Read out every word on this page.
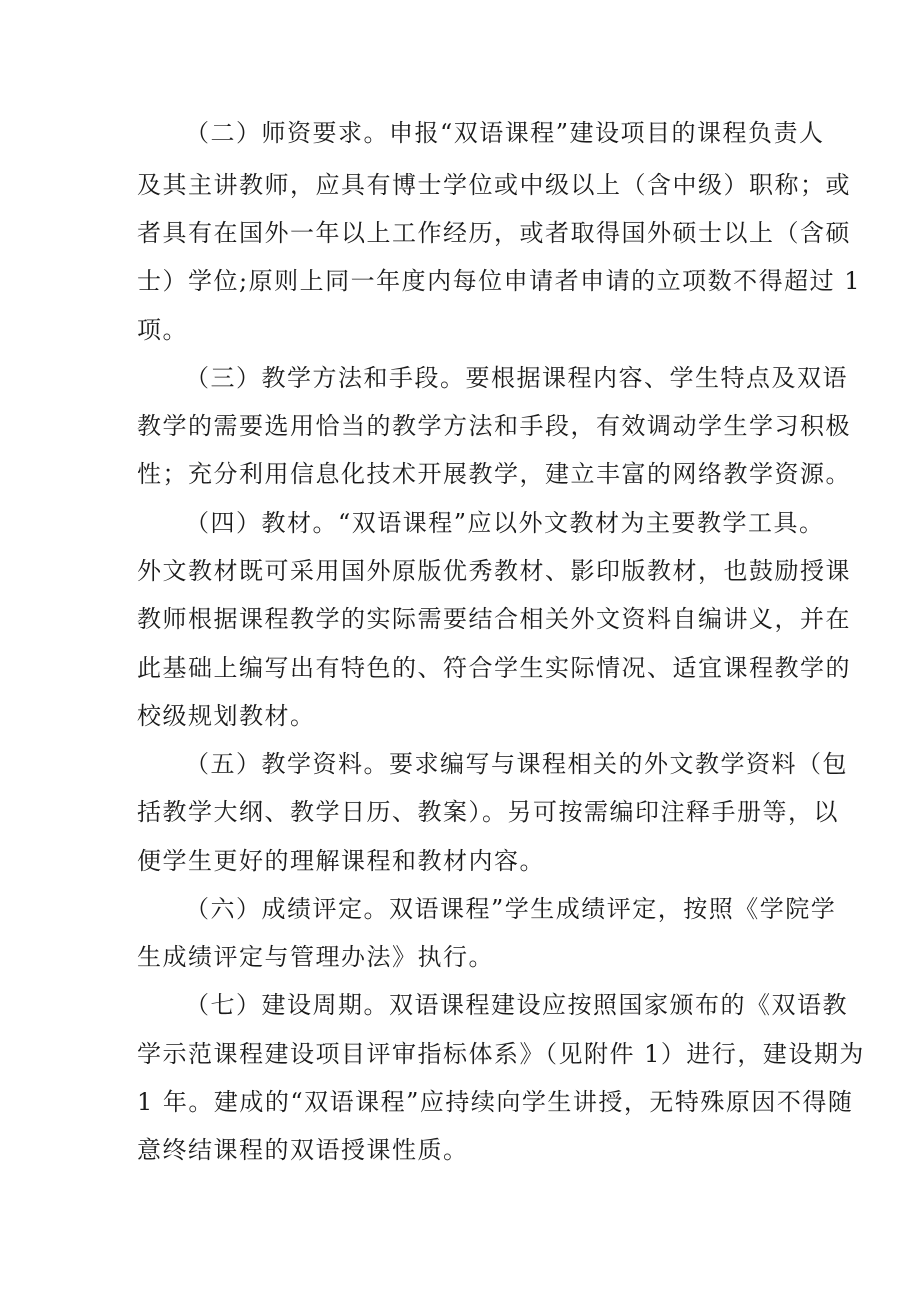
（二）师资要求。申报“双语课程”建设项目的课程负责人
及其主讲教师，应具有博士学位或中级以上（含中级）职称；或
者具有在国外一年以上工作经历，或者取得国外硕士以上（含硕
士）学位;原则上同一年度内每位申请者申请的立项数不得超过 1
项。
（三）教学方法和手段。要根据课程内容、学生特点及双语
教学的需要选用恰当的教学方法和手段，有效调动学生学习积极
性；充分利用信息化技术开展教学，建立丰富的网络教学资源。
（四）教材。“双语课程”应以外文教材为主要教学工具。
外文教材既可采用国外原版优秀教材、影印版教材，也鼓励授课
教师根据课程教学的实际需要结合相关外文资料自编讲义，并在
此基础上编写出有特色的、符合学生实际情况、适宜课程教学的
校级规划教材。
（五）教学资料。要求编写与课程相关的外文教学资料（包
括教学大纲、教学日历、教案）。另可按需编印注释手册等，以
便学生更好的理解课程和教材内容。
（六）成绩评定。双语课程”学生成绩评定，按照《学院学
生成绩评定与管理办法》执行。
（七）建设周期。双语课程建设应按照国家颁布的《双语教
学示范课程建设项目评审指标体系》（见附件 1）进行，建设期为
1 年。建成的“双语课程”应持续向学生讲授，无特殊原因不得随
意终结课程的双语授课性质。
